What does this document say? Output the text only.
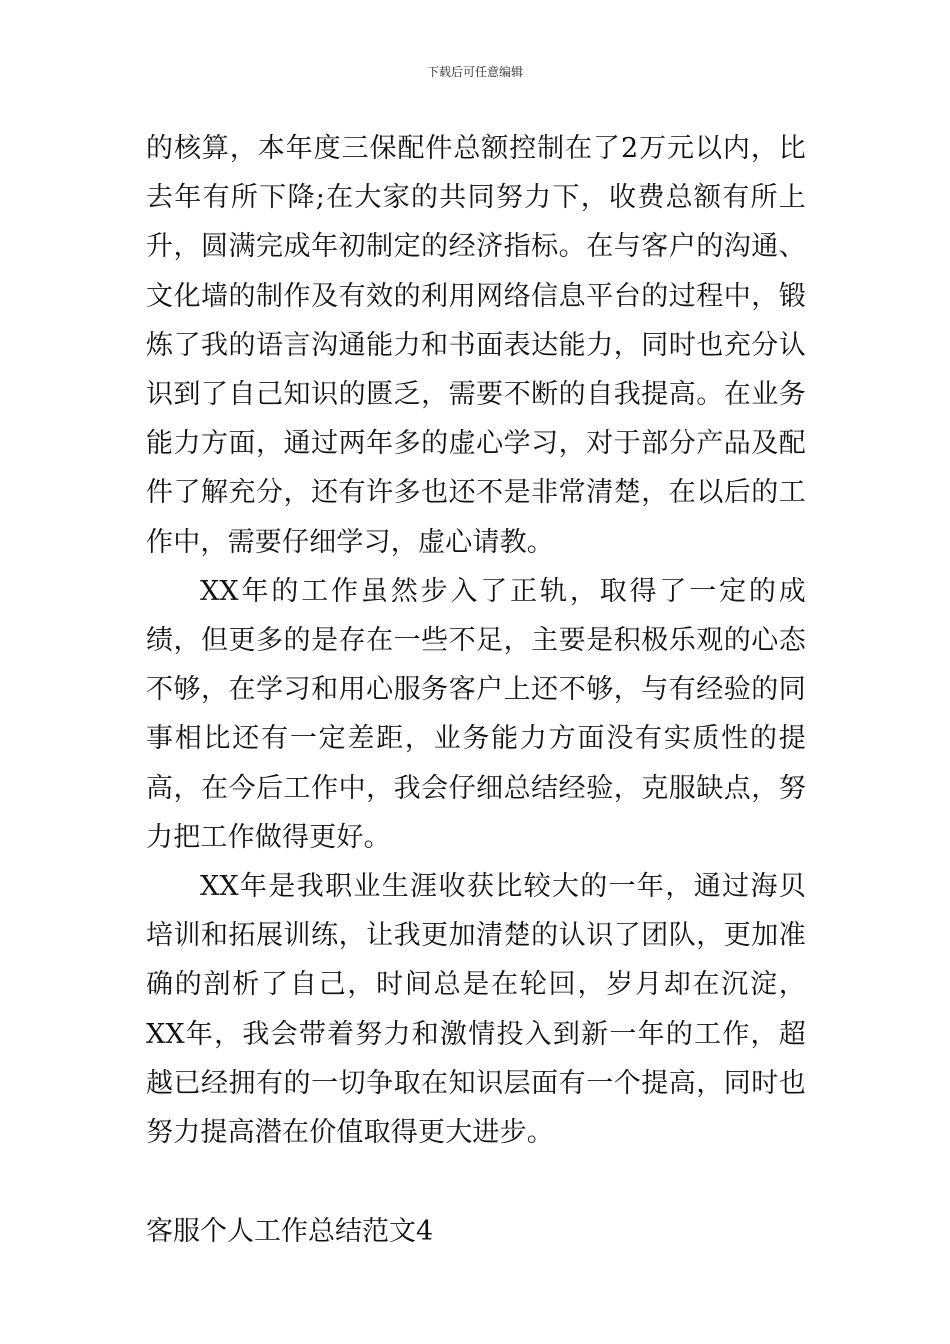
下载后可任意编辑

的核算，本年度三保配件总额控制在了2万元以内，比去年有所下降;在大家的共同努力下，收费总额有所上升，圆满完成年初制定的经济指标。在与客户的沟通、文化墙的制作及有效的利用网络信息平台的过程中，锻炼了我的语言沟通能力和书面表达能力，同时也充分认识到了自己知识的匮乏，需要不断的自我提高。在业务能力方面，通过两年多的虚心学习，对于部分产品及配件了解充分，还有许多也还不是非常清楚，在以后的工作中，需要仔细学习，虚心请教。

XX年的工作虽然步入了正轨，取得了一定的成绩，但更多的是存在一些不足，主要是积极乐观的心态不够，在学习和用心服务客户上还不够，与有经验的同事相比还有一定差距，业务能力方面没有实质性的提高，在今后工作中，我会仔细总结经验，克服缺点，努力把工作做得更好。

XX年是我职业生涯收获比较大的一年，通过海贝培训和拓展训练，让我更加清楚的认识了团队，更加准确的剖析了自己，时间总是在轮回，岁月却在沉淀，XX年，我会带着努力和激情投入到新一年的工作，超越已经拥有的一切争取在知识层面有一个提高，同时也努力提高潜在价值取得更大进步。

客服个人工作总结范文4
